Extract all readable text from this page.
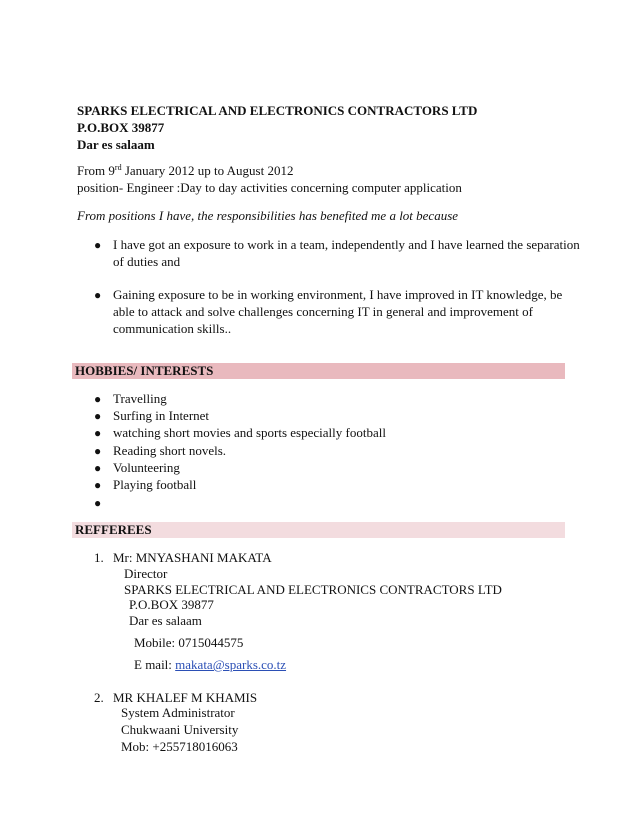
SPARKS ELECTRICAL AND ELECTRONICS CONTRACTORS LTD
P.O.BOX 39877
Dar es salaam
From 9rd January 2012 up to August 2012
position- Engineer :Day to day activities concerning computer application
From positions I have, the responsibilities has benefited me a lot because
● I have got an exposure to work in a team, independently and I have learned the separation
of duties and
● Gaining exposure to be in working environment, I have improved in IT knowledge, be
able to attack and solve challenges concerning IT in general and improvement of
communication skills..
HOBBIES/ INTERESTS
● Travelling
● Surfing in Internet
● watching short movies and sports especially football
● Reading short novels.
● Volunteering
● Playing football
●
REFFEREES
1. Mr: MNYASHANI MAKATA
Director
SPARKS ELECTRICAL AND ELECTRONICS CONTRACTORS LTD
P.O.BOX 39877
Dar es salaam
Mobile: 0715044575
E mail: makata@sparks.co.tz
2. MR KHALEF M KHAMIS
System Administrator
Chukwaani University
Mob: +255718016063
